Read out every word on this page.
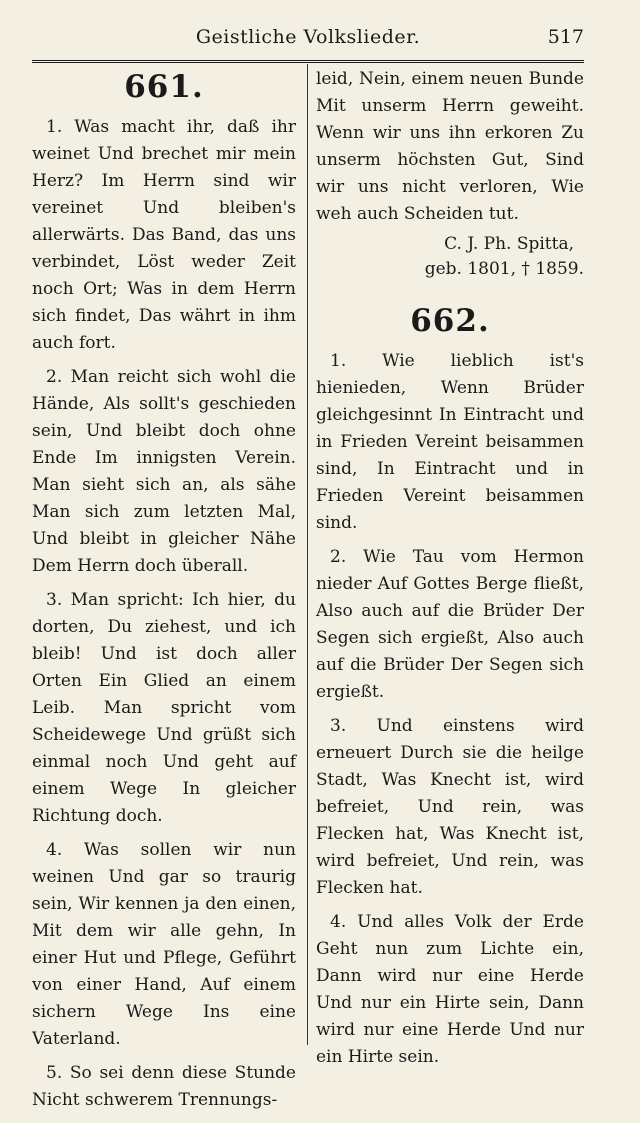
Geistliche Volkslieder.	517
661.

1. Was macht ihr, daß ihr weinet Und brechet mir mein Herz? Im Herrn sind wir vereinet Und bleiben's allerwärts. Das Band, das uns verbindet, Löst weder Zeit noch Ort; Was in dem Herrn sich findet, Das währt in ihm auch fort.

2. Man reicht sich wohl die Hände, Als sollt's geschieden sein, Und bleibt doch ohne Ende Im innigsten Verein. Man sieht sich an, als sähe Man sich zum letzten Mal, Und bleibt in gleicher Nähe Dem Herrn doch überall.

3. Man spricht: Ich hier, du dorten, Du ziehest, und ich bleib! Und ist doch aller Orten Ein Glied an einem Leib. Man spricht vom Scheidewege Und grüßt sich einmal noch Und geht auf einem Wege In gleicher Richtung doch.

4. Was sollen wir nun weinen Und gar so traurig sein, Wir kennen ja den einen, Mit dem wir alle gehn, In einer Hut und Pflege, Geführt von einer Hand, Auf einem sichern Wege Ins eine Vaterland.

5. So sei denn diese Stunde Nicht schwerem Trennungs-

leid, Nein, einem neuen Bunde Mit unserm Herrn geweiht. Wenn wir uns ihn erkoren Zu unserm höchsten Gut, Sind wir uns nicht verloren, Wie weh auch Scheiden tut.

C. J. Ph. Spitta,

geb. 1801, † 1859.

662.

1. Wie lieblich ist's hienieden, Wenn Brüder gleichgesinnt In Eintracht und in Frieden Vereint beisammen sind, In Eintracht und in Frieden Vereint beisammen sind.

2. Wie Tau vom Hermon nieder Auf Gottes Berge fließt, Also auch auf die Brüder Der Segen sich ergießt, Also auch auf die Brüder Der Segen sich ergießt.

3. Und einstens wird erneuert Durch sie die heilge Stadt, Was Knecht ist, wird befreiet, Und rein, was Flecken hat, Was Knecht ist, wird befreiet, Und rein, was Flecken hat.

4. Und alles Volk der Erde Geht nun zum Lichte ein, Dann wird nur eine Herde Und nur ein Hirte sein, Dann wird nur eine Herde Und nur ein Hirte sein.
